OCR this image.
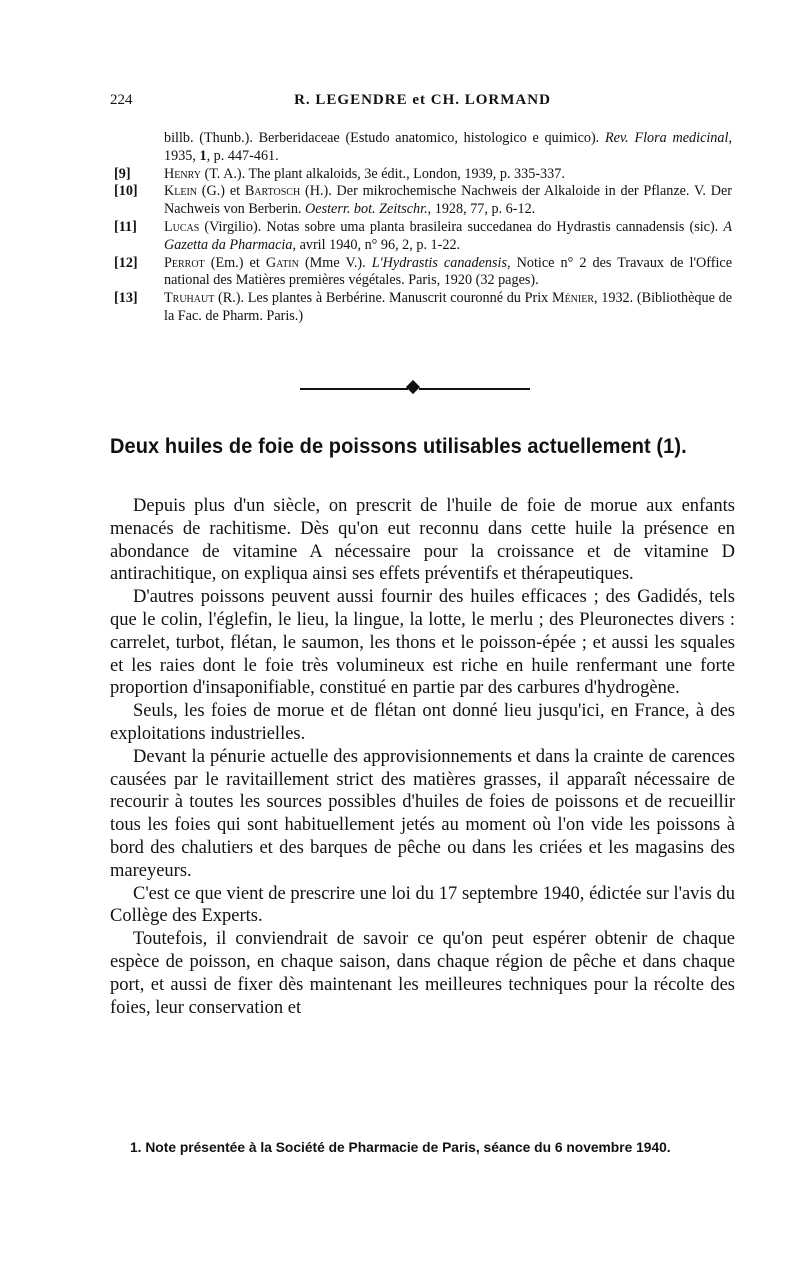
224	R. LEGENDRE et CH. LORMAND
billb. (Thunb.). Berberidaceae (Estudo anatomico, histologico e quimico). Rev. Flora medicinal, 1935, 1, p. 447-461.
[9] Henry (T. A.). The plant alkaloids, 3e édit., London, 1939, p. 335-337.
[10] Klein (G.) et Bartosch (H.). Der mikrochemische Nachweis der Alkaloide in der Pflanze. V. Der Nachweis von Berberin. Oesterr. bot. Zeitschr., 1928, 77, p. 6-12.
[11] Lucas (Virgilio). Notas sobre uma planta brasileira succedanea do Hydrastis cannadensis (sic). A Gazetta da Pharmacia, avril 1940, n° 96, 2, p. 1-22.
[12] Perrot (Em.) et Gatin (Mme V.). L'Hydrastis canadensis, Notice n° 2 des Travaux de l'Office national des Matières premières végétales. Paris, 1920 (32 pages).
[13] Truhaut (R.). Les plantes à Berbérine. Manuscrit couronné du Prix Ménier, 1932. (Bibliothèque de la Fac. de Pharm. Paris.)
Deux huiles de foie de poissons utilisables actuellement (1).

Depuis plus d'un siècle, on prescrit de l'huile de foie de morue aux enfants menacés de rachitisme. Dès qu'on eut reconnu dans cette huile la présence en abondance de vitamine A nécessaire pour la croissance et de vitamine D antirachitique, on expliqua ainsi ses effets préventifs et thérapeutiques.

D'autres poissons peuvent aussi fournir des huiles efficaces ; des Gadidés, tels que le colin, l'églefin, le lieu, la lingue, la lotte, le merlu ; des Pleuronectes divers : carrelet, turbot, flétan, le saumon, les thons et le poisson-épée ; et aussi les squales et les raies dont le foie très volumineux est riche en huile renfermant une forte proportion d'insaponifiable, constitué en partie par des carbures d'hydrogène.

Seuls, les foies de morue et de flétan ont donné lieu jusqu'ici, en France, à des exploitations industrielles.

Devant la pénurie actuelle des approvisionnements et dans la crainte de carences causées par le ravitaillement strict des matières grasses, il apparaît nécessaire de recourir à toutes les sources possibles d'huiles de foies de poissons et de recueillir tous les foies qui sont habituellement jetés au moment où l'on vide les poissons à bord des chalutiers et des barques de pêche ou dans les criées et les magasins des mareyeurs.

C'est ce que vient de prescrire une loi du 17 septembre 1940, édictée sur l'avis du Collège des Experts.

Toutefois, il conviendrait de savoir ce qu'on peut espérer obtenir de chaque espèce de poisson, en chaque saison, dans chaque région de pêche et dans chaque port, et aussi de fixer dès maintenant les meilleures techniques pour la récolte des foies, leur conservation et

1. Note présentée à la Société de Pharmacie de Paris, séance du 6 novembre 1940.
